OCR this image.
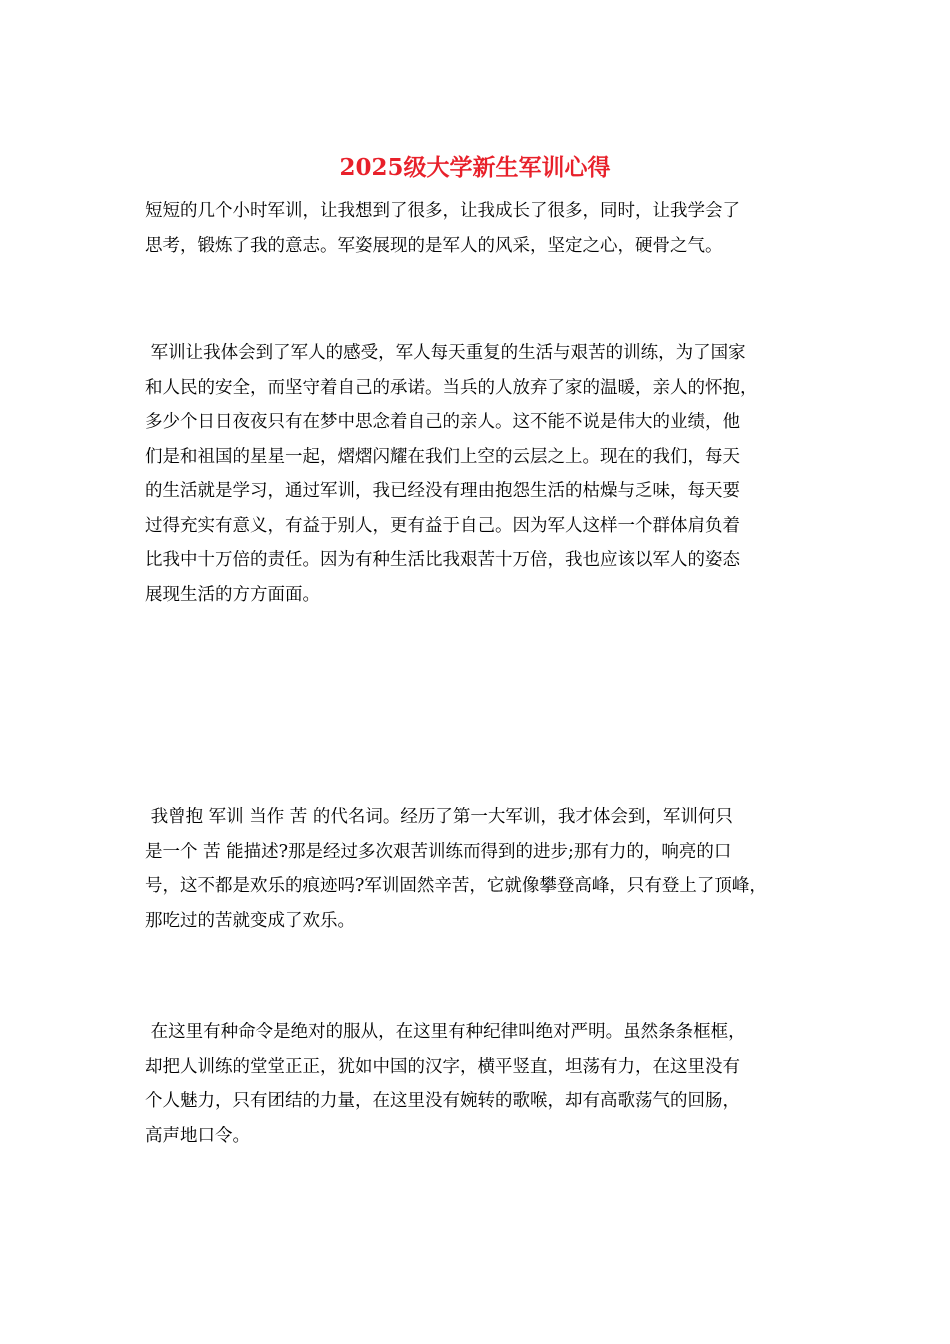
2025级大学新生军训心得

短短的几个小时军训，让我想到了很多，让我成长了很多，同时，让我学会了
思考，锻炼了我的意志。军姿展现的是军人的风采，坚定之心，硬骨之气。

军训让我体会到了军人的感受，军人每天重复的生活与艰苦的训练，为了国家
和人民的安全，而坚守着自己的承诺。当兵的人放弃了家的温暖，亲人的怀抱，
多少个日日夜夜只有在梦中思念着自己的亲人。这不能不说是伟大的业绩，他
们是和祖国的星星一起，熠熠闪耀在我们上空的云层之上。现在的我们，每天
的生活就是学习，通过军训，我已经没有理由抱怨生活的枯燥与乏味，每天要
过得充实有意义，有益于别人，更有益于自己。因为军人这样一个群体肩负着
比我中十万倍的责任。因为有种生活比我艰苦十万倍，我也应该以军人的姿态
展现生活的方方面面。

我曾抱 军训 当作 苦 的代名词。经历了第一大军训，我才体会到，军训何只
是一个 苦 能描述?那是经过多次艰苦训练而得到的进步;那有力的，响亮的口
号，这不都是欢乐的痕迹吗?军训固然辛苦，它就像攀登高峰，只有登上了顶峰，
那吃过的苦就变成了欢乐。

在这里有种命令是绝对的服从，在这里有种纪律叫绝对严明。虽然条条框框，
却把人训练的堂堂正正，犹如中国的汉字，横平竖直，坦荡有力，在这里没有
个人魅力，只有团结的力量，在这里没有婉转的歌喉，却有高歌荡气的回肠，
高声地口令。
